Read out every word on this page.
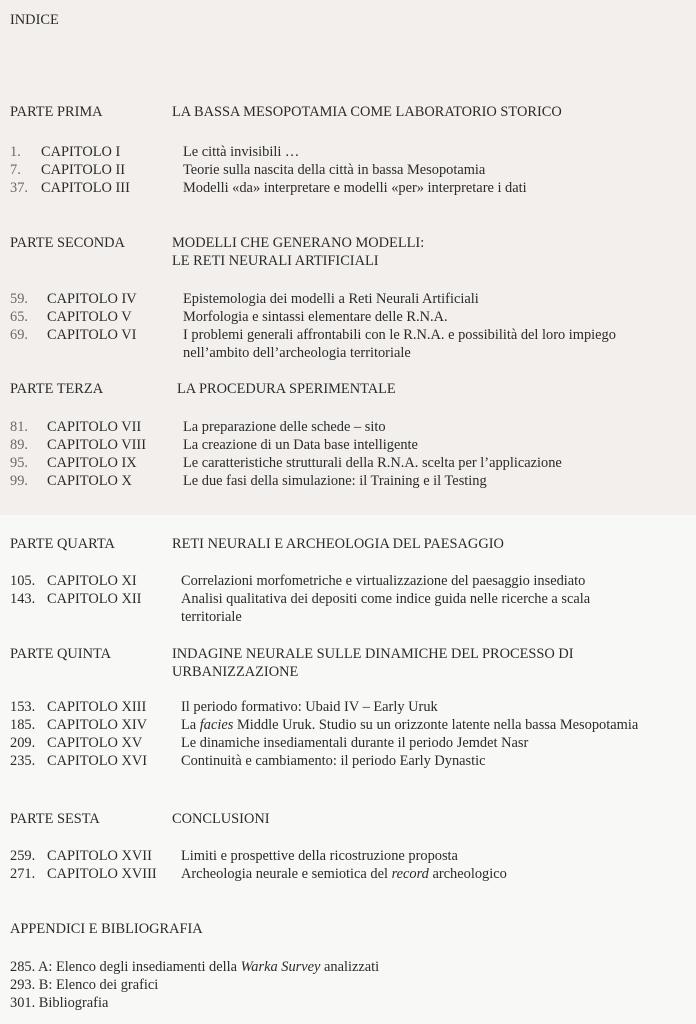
INDICE
PARTE PRIMA	LA BASSA MESOPOTAMIA COME LABORATORIO STORICO
1. CAPITOLO I	Le città invisibili …
7. CAPITOLO II	Teorie sulla nascita della città in bassa Mesopotamia
37. CAPITOLO III	Modelli «da» interpretare e modelli «per» interpretare i dati
PARTE SECONDA	MODELLI CHE GENERANO MODELLI:
LE RETI NEURALI ARTIFICIALI
59. CAPITOLO IV	Epistemologia dei modelli a Reti Neurali Artificiali
65. CAPITOLO V	Morfologia e sintassi elementare delle R.N.A.
69. CAPITOLO VI	I problemi generali affrontabili con le R.N.A. e possibilità del loro impiego
nell’ambito dell’archeologia territoriale
PARTE TERZA	LA PROCEDURA SPERIMENTALE
81. CAPITOLO VII	La preparazione delle schede – sito
89. CAPITOLO VIII	La creazione di un Data base intelligente
95. CAPITOLO IX	Le caratteristiche strutturali della R.N.A. scelta per l’applicazione
99. CAPITOLO X	Le due fasi della simulazione: il Training e il Testing
PARTE QUARTA	RETI NEURALI E ARCHEOLOGIA DEL PAESAGGIO
105. CAPITOLO XI	Correlazioni morfometriche e virtualizzazione del paesaggio insediato
143. CAPITOLO XII	Analisi qualitativa dei depositi come indice guida nelle ricerche a scala
territoriale
PARTE QUINTA	INDAGINE NEURALE SULLE DINAMICHE DEL PROCESSO DI
URBANIZZAZIONE
153. CAPITOLO XIII Il periodo formativo: Ubaid IV – Early Uruk
185. CAPITOLO XIV La facies Middle Uruk. Studio su un orizzonte latente nella bassa Mesopotamia
209. CAPITOLO XV	Le dinamiche insediamentali durante il periodo Jemdet Nasr
235. CAPITOLO XVI Continuità e cambiamento: il periodo Early Dynastic
PARTE SESTA	CONCLUSIONI
259. CAPITOLO XVII Limiti e prospettive della ricostruzione proposta
271. CAPITOLO XVIII Archeologia neurale e semiotica del record archeologico
APPENDICI E BIBLIOGRAFIA
285. A: Elenco degli insediamenti della Warka Survey analizzati
293. B: Elenco dei grafici
301. Bibliografia
